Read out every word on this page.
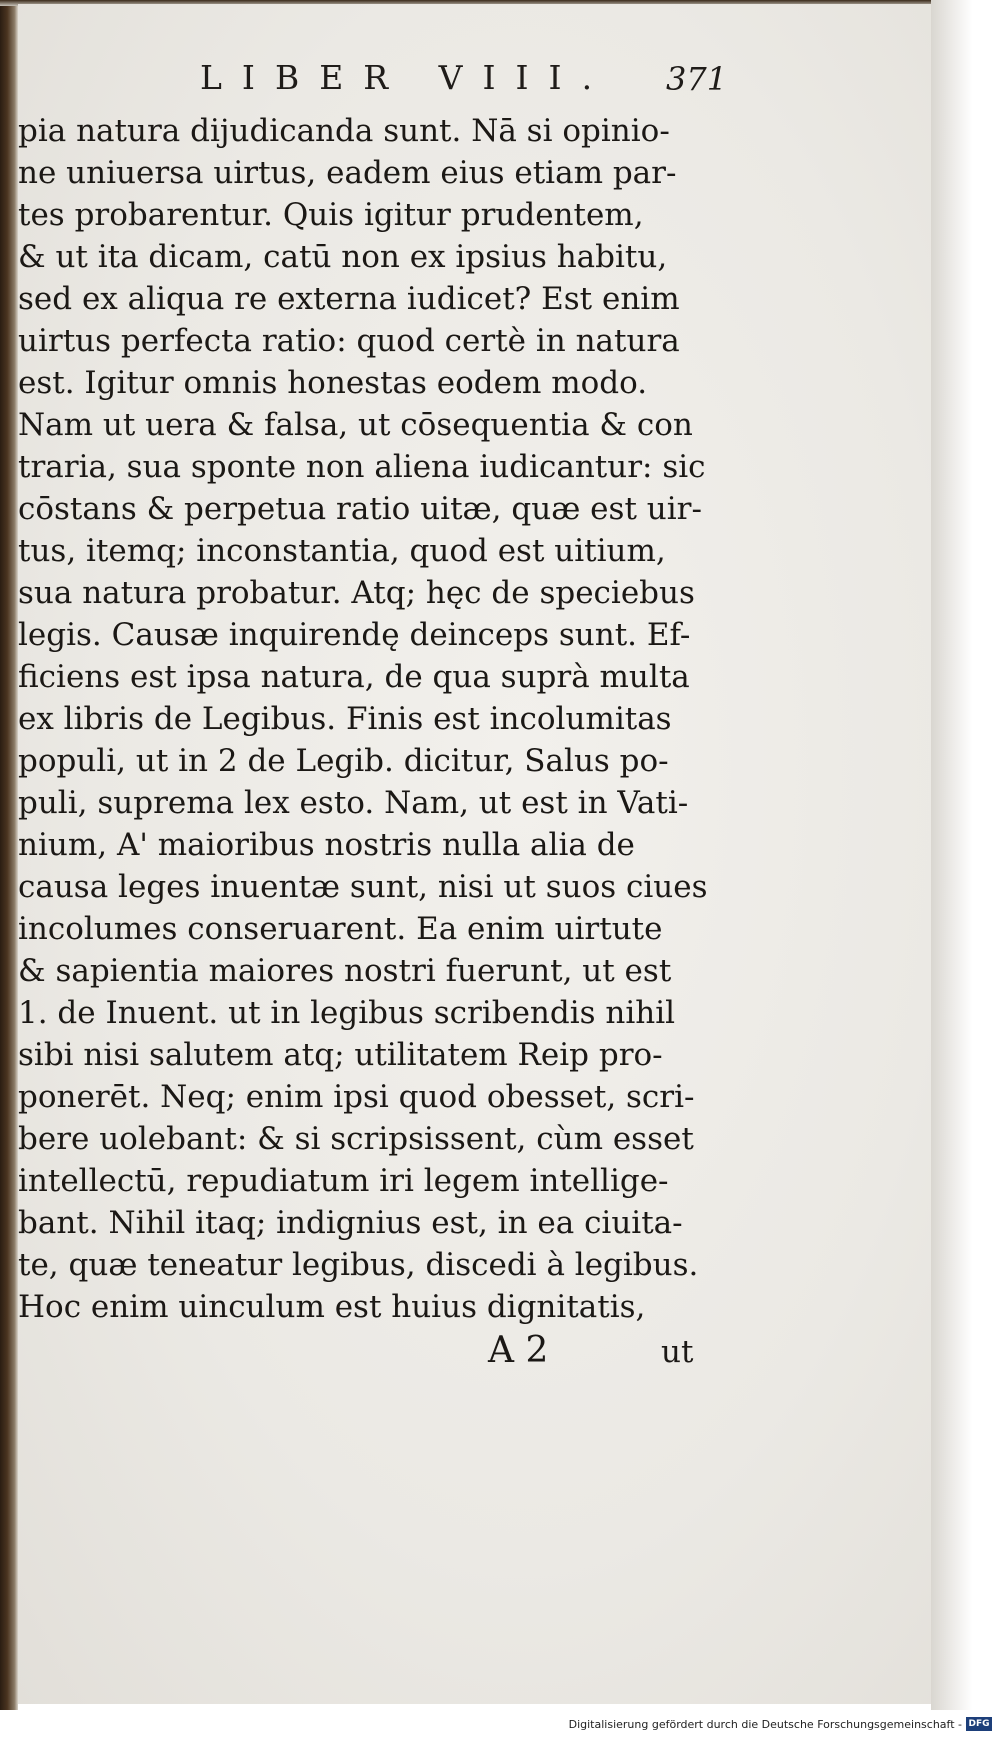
LIBER VIII. 371
pia natura dijudicanda sunt. Nā si opinio-
ne uniuersa uirtus, eadem eius etiam par-
tes probarentur. Quis igitur prudentem,
& ut ita dicam, catū non ex ipsius habitu,
sed ex aliqua re externa iudicet? Est enim
uirtus perfecta ratio: quod certè in natura
est. Igitur omnis honestas eodem modo.
Nam ut uera & falsa, ut cōsequentia & con
traria, sua sponte non aliena iudicantur: sic
cōstans & perpetua ratio uitæ, quæ est uir-
tus, itemq; inconstantia, quod est uitium,
sua natura probatur. Atq; hęc de speciebus
legis. Causæ inquirendę deinceps sunt. Ef-
ficiens est ipsa natura, de qua suprà multa
ex libris de Legibus. Finis est incolumitas
populi, ut in 2 de Legib. dicitur, Salus po-
puli, suprema lex esto. Nam, ut est in Vati-
nium, A' maioribus nostris nulla alia de
causa leges inuentæ sunt, nisi ut suos ciues
incolumes conseruarent. Ea enim uirtute
& sapientia maiores nostri fuerunt, ut est
1. de Inuent. ut in legibus scribendis nihil
sibi nisi salutem atq; utilitatem Reip pro-
ponerēt. Neq; enim ipsi quod obesset, scri-
bere uolebant: & si scripsissent, cùm esset
intellectū, repudiatum iri legem intellige-
bant. Nihil itaq; indignius est, in ea ciuita-
te, quæ teneatur legibus, discedi à legibus.
Hoc enim uinculum est huius dignitatis,
A 2	ut
Digitalisierung gefördert durch die Deutsche Forschungsgemeinschaft - DFG
